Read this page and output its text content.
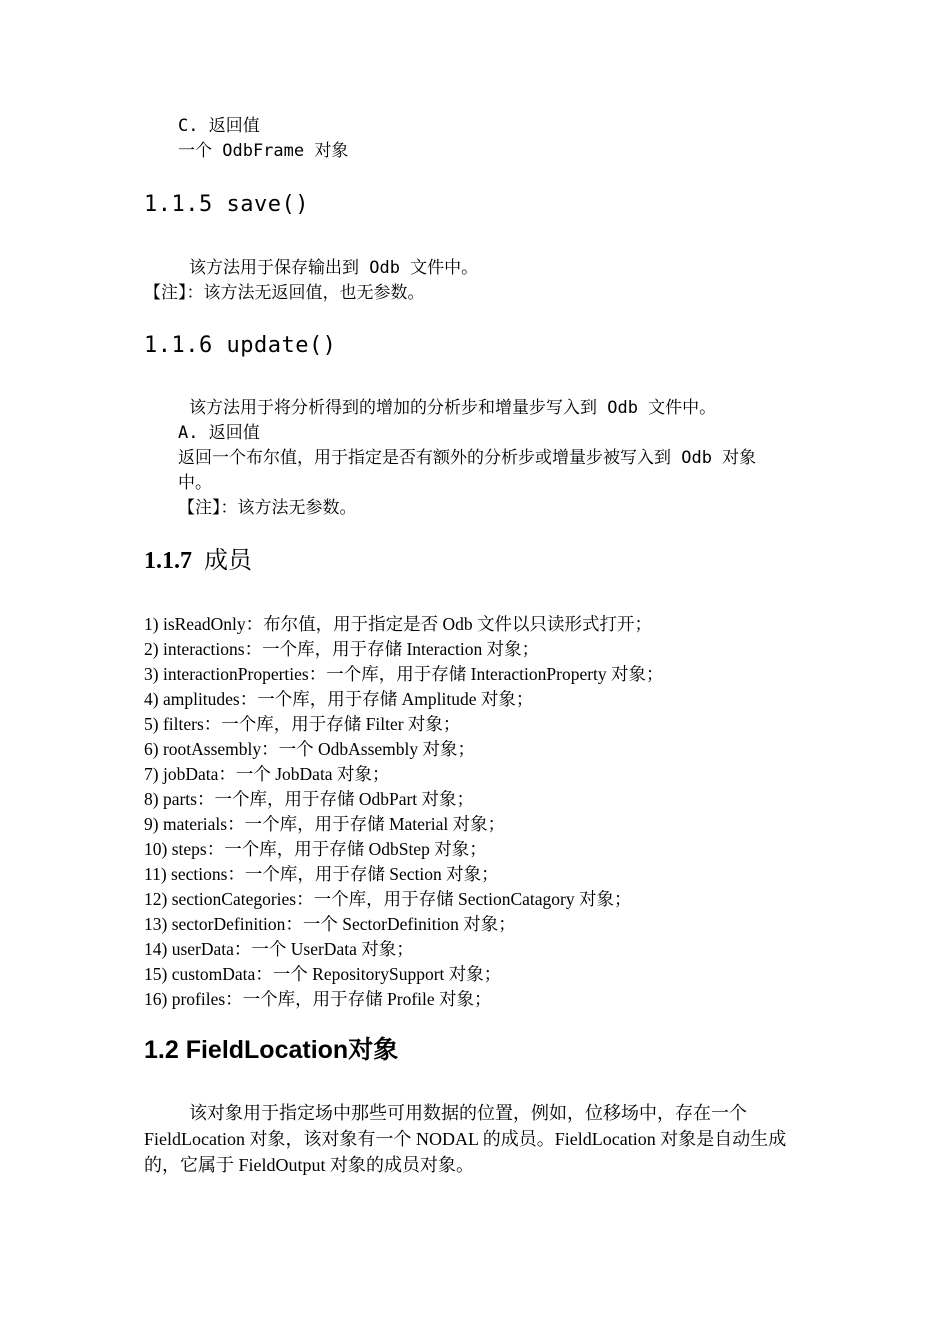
C. 返回值
一个 OdbFrame 对象
1.1.5 save()
该方法用于保存输出到 Odb 文件中。
【注】：该方法无返回值，也无参数。
1.1.6 update()
该方法用于将分析得到的增加的分析步和增量步写入到 Odb 文件中。
A. 返回值
返回一个布尔值，用于指定是否有额外的分析步或增量步被写入到 Odb 对象
中。
【注】：该方法无参数。
1.1.7 成员
1) isReadOnly：布尔值，用于指定是否 Odb 文件以只读形式打开；
2) interactions：一个库，用于存储 Interaction 对象；
3) interactionProperties：一个库，用于存储 InteractionProperty 对象；
4) amplitudes：一个库，用于存储 Amplitude 对象；
5) filters：一个库，用于存储 Filter 对象；
6) rootAssembly：一个 OdbAssembly 对象；
7) jobData：一个 JobData 对象；
8) parts：一个库，用于存储 OdbPart 对象；
9) materials：一个库，用于存储 Material 对象；
10) steps：一个库，用于存储 OdbStep 对象；
11) sections：一个库，用于存储 Section 对象；
12) sectionCategories：一个库，用于存储 SectionCatagory 对象；
13) sectorDefinition：一个 SectorDefinition 对象；
14) userData：一个 UserData 对象；
15) customData：一个 RepositorySupport 对象；
16) profiles：一个库，用于存储 Profile 对象；
1.2 FieldLocation对象
该对象用于指定场中那些可用数据的位置，例如，位移场中，存在一个 FieldLocation 对象，该对象有一个 NODAL 的成员。FieldLocation 对象是自动生成的，它属于 FieldOutput 对象的成员对象。
